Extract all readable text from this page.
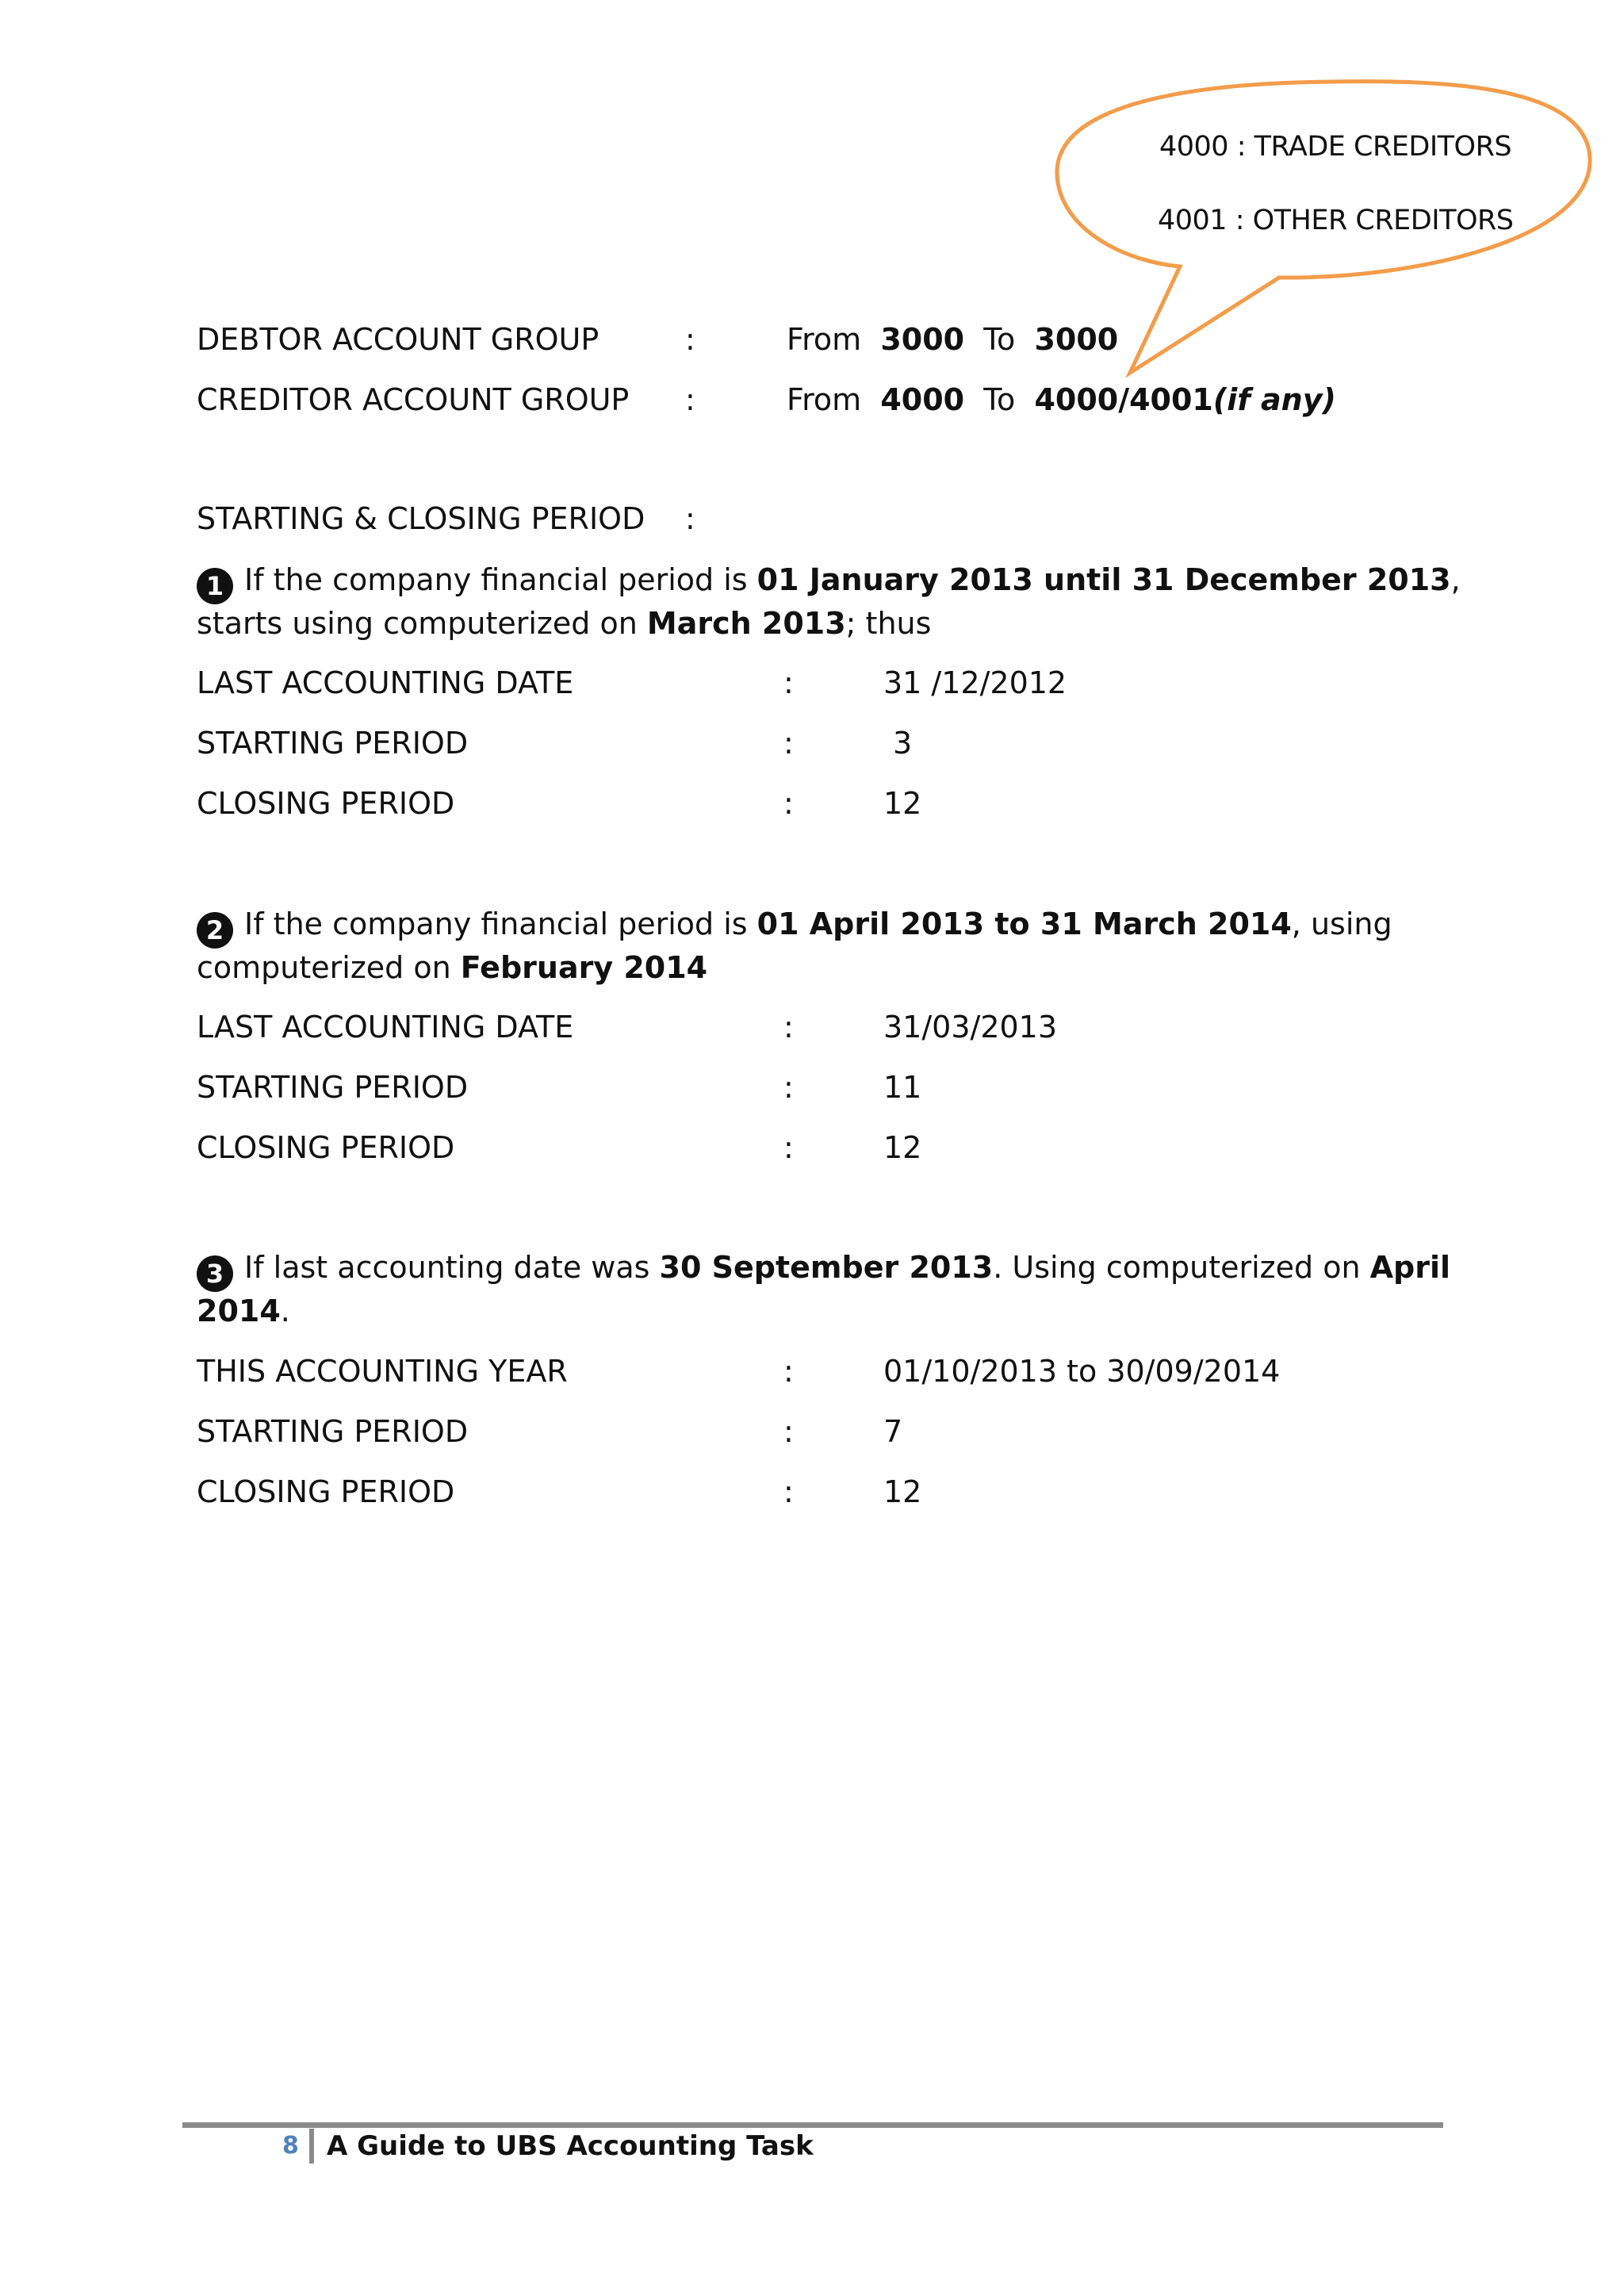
4000 : TRADE CREDITORS
4001 : OTHER CREDITORS
DEBTOR ACCOUNT GROUP	:	From 3000 To 3000
CREDITOR ACCOUNT GROUP :	From 4000 To 4000/4001(if any)
STARTING & CLOSING PERIOD :
1 If the company financial period is 01 January 2013 until 31 December 2013,
starts using computerized on March 2013; thus
LAST ACCOUNTING DATE	:	31 /12/2012
STARTING PERIOD	:	3
CLOSING PERIOD	:	12
2 If the company financial period is 01 April 2013 to 31 March 2014, using
computerized on February 2014
LAST ACCOUNTING DATE	:	31/03/2013
STARTING PERIOD	:	11
CLOSING PERIOD	:	12
3 If last accounting date was 30 September 2013. Using computerized on April
2014.
THIS ACCOUNTING YEAR	:	01/10/2013 to 30/09/2014
STARTING PERIOD	:	7
CLOSING PERIOD	:	12
8 A Guide to UBS Accounting Task
